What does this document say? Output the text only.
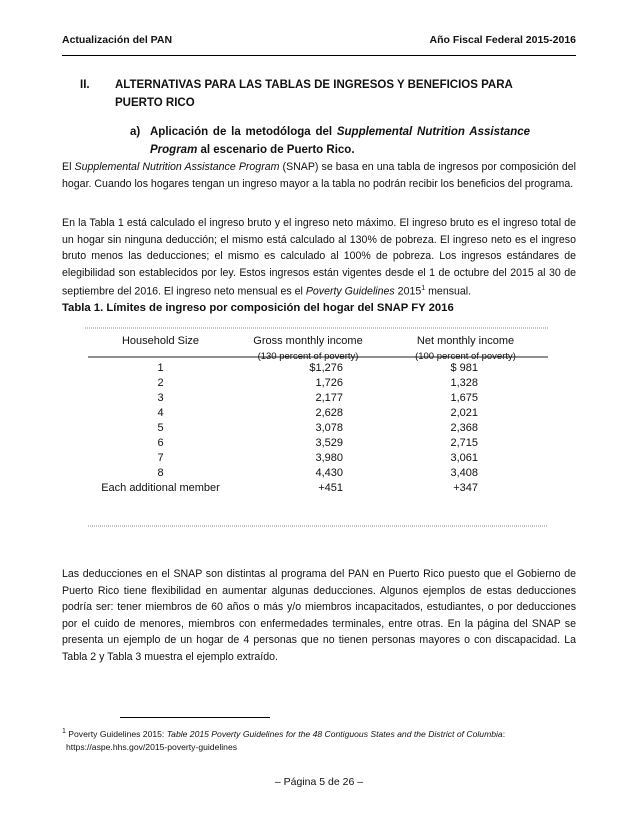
Actualización del PAN	Año Fiscal Federal 2015-2016
II.	ALTERNATIVAS PARA LAS TABLAS DE INGRESOS Y BENEFICIOS PARA PUERTO RICO
a) Aplicación de la metodóloga del Supplemental Nutrition Assistance Program al escenario de Puerto Rico.

El Supplemental Nutrition Assistance Program (SNAP) se basa en una tabla de ingresos por composición del hogar. Cuando los hogares tengan un ingreso mayor a la tabla no podrán recibir los beneficios del programa.

En la Tabla 1 está calculado el ingreso bruto y el ingreso neto máximo. El ingreso bruto es el ingreso total de un hogar sin ninguna deducción; el mismo está calculado al 130% de pobreza. El ingreso neto es el ingreso bruto menos las deducciones; el mismo es calculado al 100% de pobreza. Los ingresos estándares de elegibilidad son establecidos por ley. Estos ingresos están vigentes desde el 1 de octubre del 2015 al 30 de septiembre del 2016. El ingreso neto mensual es el Poverty Guidelines 2015$^1$ mensual.

Tabla 1. Límites de ingreso por composición del hogar del SNAP FY 2016
Household Size	Gross monthly income	Net monthly income
(130 percent of poverty)	(100 percent of poverty)
1	$1,276	$ 981
2	1,726	1,328
3	2,177	1,675
4	2,628	2,021
5	3,078	2,368
6	3,529	2,715
7	3,980	3,061
8	4,430	3,408
Each additional member	+451	+347

Las deducciones en el SNAP son distintas al programa del PAN en Puerto Rico puesto que el Gobierno de Puerto Rico tiene flexibilidad en aumentar algunas deducciones. Algunos ejemplos de estas deducciones podría ser: tener miembros de 60 años o más y/o miembros incapacitados, estudiantes, o por deducciones por el cuido de menores, miembros con enfermedades terminales, entre otras. En la página del SNAP se presenta un ejemplo de un hogar de 4 personas que no tienen personas mayores o con discapacidad. La Tabla 2 y Tabla 3 muestra el ejemplo extraído.

$^1$ Poverty Guidelines 2015: Table 2015 Poverty Guidelines for the 48 Contiguous States and the District of Columbia:
https://aspe.hhs.gov/2015-poverty-guidelines
– Página 5 de 26 –
